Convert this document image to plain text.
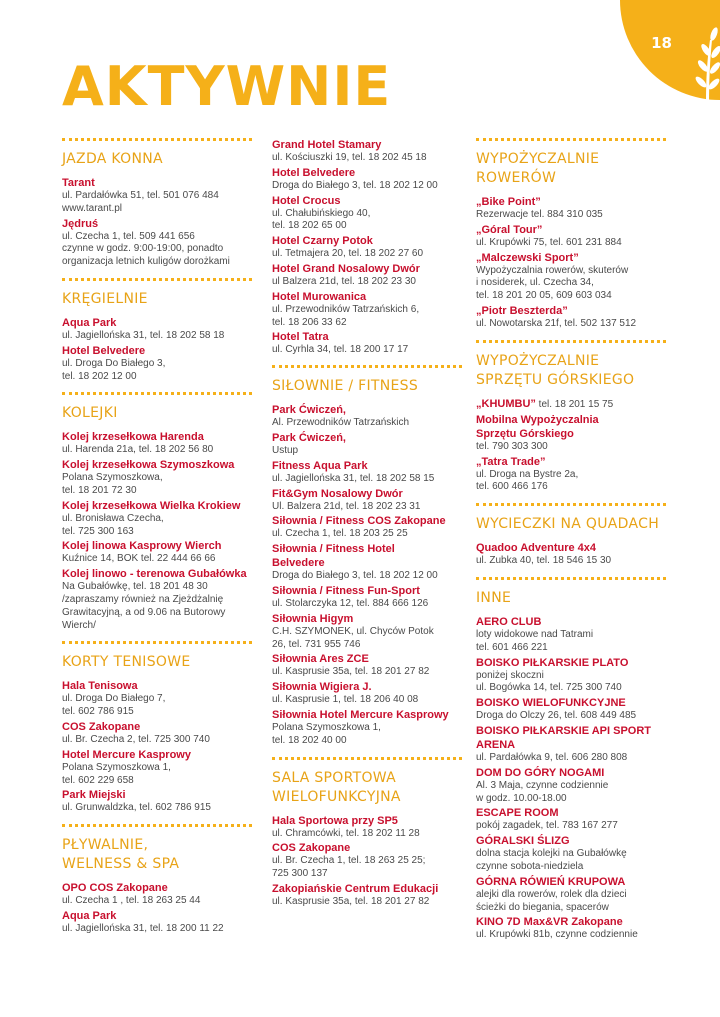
18
AKTYWNIE
JAZDA KONNA
Tarant
ul. Pardałówka 51, tel. 501 076 484
www.tarant.pl
Jędruś
ul. Czecha 1, tel. 509 441 656
czynne w godz. 9:00-19:00, ponadto
organizacja letnich kuligów dorożkami
KRĘGIELNIE
Aqua Park
ul. Jagiellońska 31, tel. 18 202 58 18
Hotel Belvedere
ul. Droga Do Białego 3,
tel. 18 202 12 00
KOLEJKI
Kolej krzesełkowa Harenda
ul. Harenda 21a, tel. 18 202 56 80
Kolej krzesełkowa Szymoszkowa
Polana Szymoszkowa,
tel. 18 201 72 30
Kolej krzesełkowa Wielka Krokiew
ul. Bronisława Czecha,
tel. 725 300 163
Kolej linowa Kasprowy Wierch
Kuźnice 14, BOK tel. 22 444 66 66
Kolej linowo - terenowa Gubałówka
Na Gubałówkę, tel. 18 201 48 30
/zapraszamy również na Zjeżdżalnię
Grawitacyjną, a od 9.06 na Butorowy
Wierch/
KORTY TENISOWE
Hala Tenisowa
ul. Droga Do Białego 7,
tel. 602 786 915
COS Zakopane
ul. Br. Czecha 2, tel. 725 300 740
Hotel Mercure Kasprowy
Polana Szymoszkowa 1,
tel. 602 229 658
Park Miejski
ul. Grunwaldzka, tel. 602 786 915
PŁYWALNIE,
WELNESS & SPA
OPO COS Zakopane
ul. Czecha 1 , tel. 18 263 25 44
Aqua Park
ul. Jagiellońska 31, tel. 18 200 11 22
Grand Hotel Stamary
ul. Kościuszki 19, tel. 18 202 45 18
Hotel Belvedere
Droga do Białego 3, tel. 18 202 12 00
Hotel Crocus
ul. Chałubińskiego 40,
tel. 18 202 65 00
Hotel Czarny Potok
ul. Tetmajera 20, tel. 18 202 27 60
Hotel Grand Nosalowy Dwór
ul Balzera 21d, tel. 18 202 23 30
Hotel Murowanica
ul. Przewodników Tatrzańskich 6,
tel. 18 206 33 62
Hotel Tatra
ul. Cyrhla 34, tel. 18 200 17 17
SIŁOWNIE / FITNESS
Park Ćwiczeń,
Al. Przewodników Tatrzańskich
Park Ćwiczeń,
Ustup
Fitness Aqua Park
ul. Jagiellońska 31, tel. 18 202 58 15
Fit&Gym Nosalowy Dwór
Ul. Balzera 21d, tel. 18 202 23 31
Siłownia / Fitness COS Zakopane
ul. Czecha 1, tel. 18 203 25 25
Siłownia / Fitness Hotel
Belvedere
Droga do Białego 3, tel. 18 202 12 00
Siłownia / Fitness Fun-Sport
ul. Stolarczyka 12, tel. 884 666 126
Siłownia Higym
C.H. SZYMONEK, ul. Chyców Potok
26, tel. 731 955 746
Siłownia Ares ZCE
ul. Kasprusie 35a, tel. 18 201 27 82
Siłownia Wigiera J.
ul. Kasprusie 1, tel. 18 206 40 08
Siłownia Hotel Mercure Kasprowy
Polana Szymoszkowa 1,
tel. 18 202 40 00
SALA SPORTOWA
WIELOFUNKCYJNA
Hala Sportowa przy SP5
ul. Chramcówki, tel. 18 202 11 28
COS Zakopane
ul. Br. Czecha 1, tel. 18 263 25 25;
725 300 137
Zakopiańskie Centrum Edukacji
ul. Kasprusie 35a, tel. 18 201 27 82
WYPOŻYCZALNIE
ROWERÓW
„Bike Point”
Rezerwacje tel. 884 310 035
„Góral Tour”
ul. Krupówki 75, tel. 601 231 884
„Malczewski Sport”
Wypożyczalnia rowerów, skuterów
i nosiderek, ul. Czecha 34,
tel. 18 201 20 05, 609 603 034
„Piotr Beszterda”
ul. Nowotarska 21f, tel. 502 137 512
WYPOŻYCZALNIE
SPRZĘTU GÓRSKIEGO
„KHUMBU” tel. 18 201 15 75
Mobilna Wypożyczalnia
Sprzętu Górskiego
tel. 790 303 300
„Tatra Trade”
ul. Droga na Bystre 2a,
tel. 600 466 176
WYCIECZKI NA QUADACH
Quadoo Adventure 4x4
ul. Zubka 40, tel. 18 546 15 30
INNE
AERO CLUB
loty widokowe nad Tatrami
tel. 601 466 221
BOISKO PIŁKARSKIE PLATO
poniżej skoczni
ul. Bogówka 14, tel. 725 300 740
BOISKO WIELOFUNKCYJNE
Droga do Olczy 26, tel. 608 449 485
BOISKO PIŁKARSKIE API SPORT
ARENA
ul. Pardałówka 9, tel. 606 280 808
DOM DO GÓRY NOGAMI
Al. 3 Maja, czynne codziennie
w godz. 10.00-18.00
ESCAPE ROOM
pokój zagadek, tel. 783 167 277
GÓRALSKI ŚLIZG
dolna stacja kolejki na Gubałówkę
czynne sobota-niedziela
GÓRNA RÓWIEŃ KRUPOWA
alejki dla rowerów, rolek dla dzieci
ścieżki do biegania, spacerów
KINO 7D Max&VR Zakopane
ul. Krupówki 81b, czynne codziennie
